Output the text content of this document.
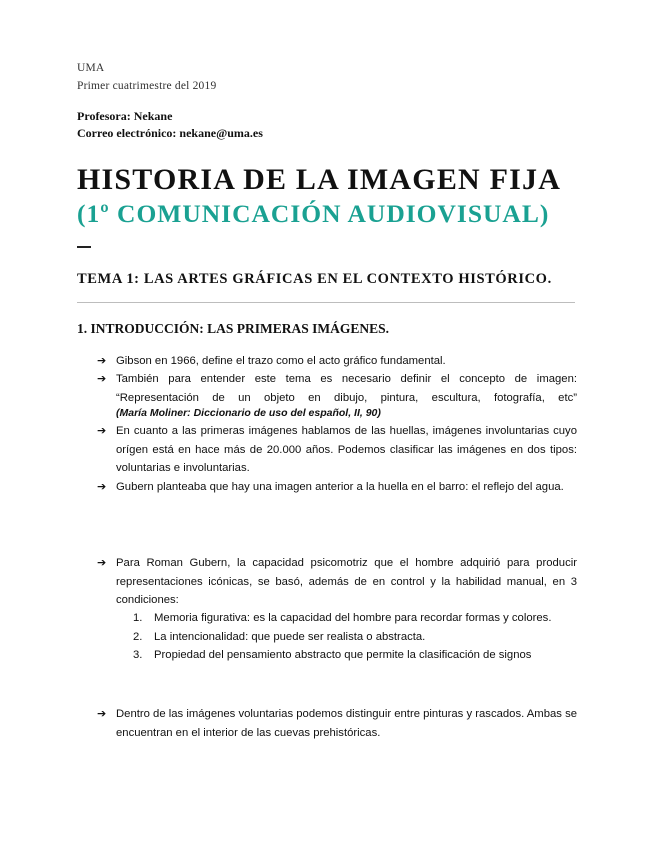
UMA
Primer cuatrimestre del 2019
Profesora: Nekane
Correo electrónico: nekane@uma.es
HISTORIA DE LA IMAGEN FIJA
(1º COMUNICACIÓN AUDIOVISUAL)
TEMA 1: LAS ARTES GRÁFICAS EN EL CONTEXTO HISTÓRICO.
1. INTRODUCCIÓN: LAS PRIMERAS IMÁGENES.
➔ Gibson en 1966, define el trazo como el acto gráfico fundamental.
➔ También para entender este tema es necesario definir el concepto de imagen: “Representación de un objeto en dibujo, pintura, escultura, fotografía, etc”
(María Moliner: Diccionario de uso del español, II, 90)
➔ En cuanto a las primeras imágenes hablamos de las huellas, imágenes involuntarias cuyo orígen está en hace más de 20.000 años. Podemos clasificar las imágenes en dos tipos: voluntarias e involuntarias.
➔ Gubern planteaba que hay una imagen anterior a la huella en el barro: el reflejo del agua.
➔ Para Roman Gubern, la capacidad psicomotriz que el hombre adquirió para producir representaciones icónicas, se basó, además de en control y la habilidad manual, en 3 condiciones:
1. Memoria figurativa: es la capacidad del hombre para recordar formas y colores.
2. La intencionalidad: que puede ser realista o abstracta.
3. Propiedad del pensamiento abstracto que permite la clasificación de signos
➔ Dentro de las imágenes voluntarias podemos distinguir entre pinturas y rascados. Ambas se encuentran en el interior de las cuevas prehistóricas.
